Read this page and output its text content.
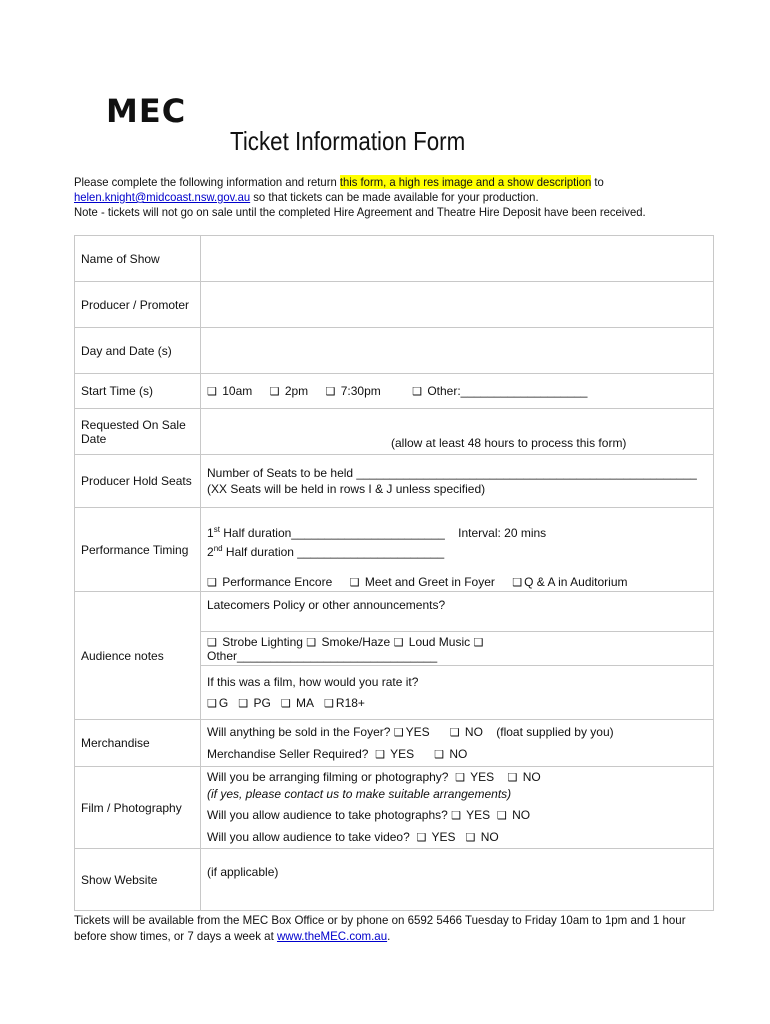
MEC
Ticket Information Form
Please complete the following information and return this form, a high res image and a show description to
helen.knight@midcoast.nsw.gov.au so that tickets can be made available for your production.
Note - tickets will not go on sale until the completed Hire Agreement and Theatre Hire Deposit have been received.
Name of Show	
Producer / Promoter	
Day and Date (s)	
Start Time (s)	❑ 10am ❑ 2pm ❑ 7:30pm ❑ Other:___________________
Requested On Sale Date	(allow at least 48 hours to process this form)
Producer Hold Seats	Number of Seats to be held ___________________________________________________
(XX Seats will be held in rows I & J unless specified)

Performance Timing	1st Half duration_______________________ Interval: 20 mins
2nd Half duration ______________________
❑ Performance Encore ❑ Meet and Greet in Foyer ❑ Q & A in Auditorium

Audience notes	Latecomers Policy or other announcements?
	❑ Strobe Lighting ❑ Smoke/Haze ❑ Loud Music ❑ Other______________________________

	If this was a film, how would you rate it?
❑ G ❑ PG ❑ MA ❑ R18+

Merchandise	Will anything be sold in the Foyer? ❑ YES ❑ NO (float supplied by you)
Merchandise Seller Required? ❑ YES ❑ NO

Film / Photography	Will you be arranging filming or photography? ❑ YES ❑ NO
(if yes, please contact us to make suitable arrangements)
Will you allow audience to take photographs? ❑ YES ❑ NO
Will you allow audience to take video? ❑ YES ❑ NO

Show Website	(if applicable)
Tickets will be available from the MEC Box Office or by phone on 6592 5466 Tuesday to Friday 10am to 1pm and 1 hour
before show times, or 7 days a week at www.theMEC.com.au.
